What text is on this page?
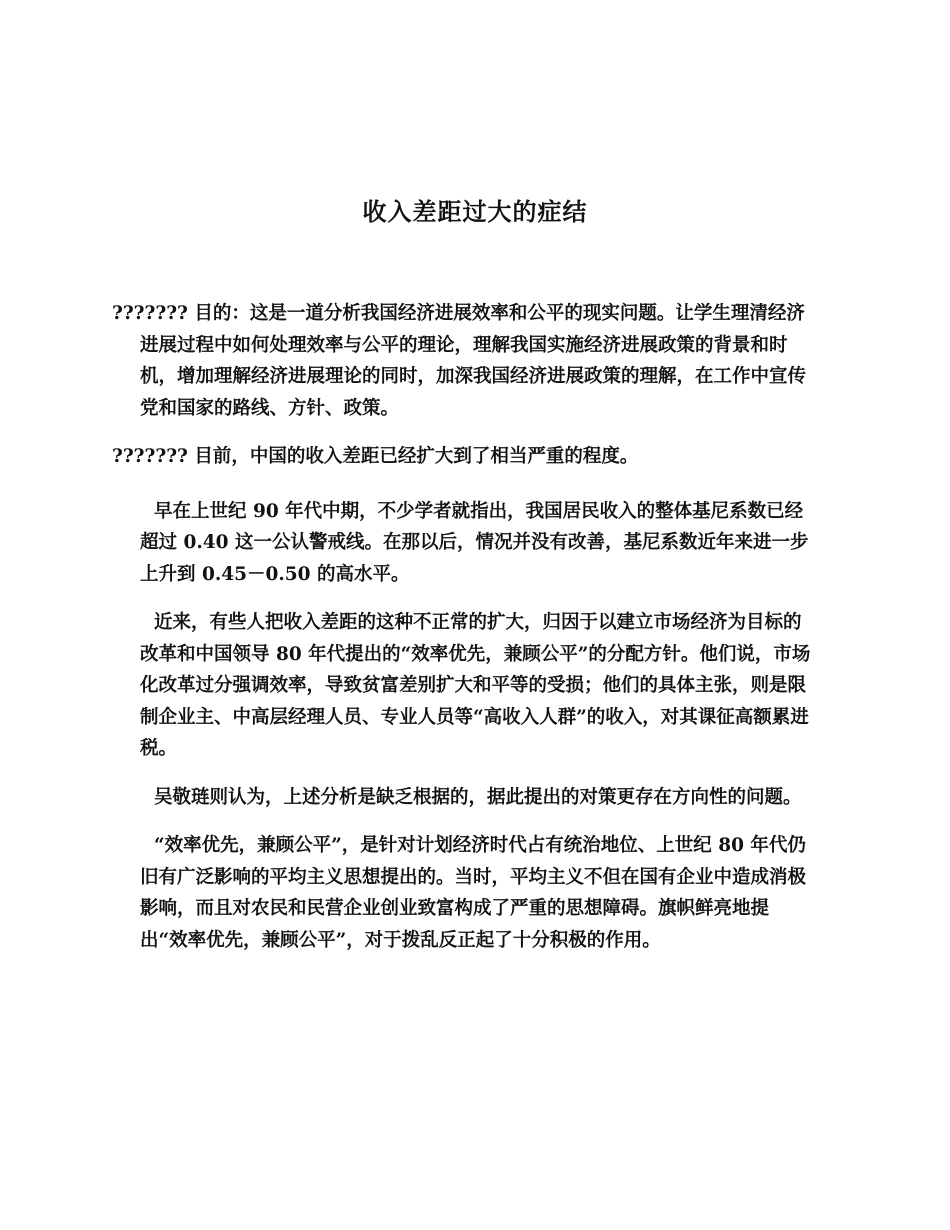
收入差距过大的症结

??????? 目的：这是一道分析我国经济进展效率和公平的现实问题。让学生理清经济进展过程中如何处理效率与公平的理论，理解我国实施经济进展政策的背景和时机，增加理解经济进展理论的同时，加深我国经济进展政策的理解，在工作中宣传党和国家的路线、方针、政策。

??????? 目前，中国的收入差距已经扩大到了相当严重的程度。

早在上世纪 90 年代中期，不少学者就指出，我国居民收入的整体基尼系数已经超过 0.40 这一公认警戒线。在那以后，情况并没有改善，基尼系数近年来进一步上升到 0.45－0.50 的高水平。

近来，有些人把收入差距的这种不正常的扩大，归因于以建立市场经济为目标的改革和中国领导 80 年代提出的“效率优先，兼顾公平”的分配方针。他们说，市场化改革过分强调效率，导致贫富差别扩大和平等的受损；他们的具体主张，则是限制企业主、中高层经理人员、专业人员等“高收入人群”的收入，对其课征高额累进税。

吴敬琏则认为，上述分析是缺乏根据的，据此提出的对策更存在方向性的问题。

“效率优先，兼顾公平”，是针对计划经济时代占有统治地位、上世纪 80 年代仍旧有广泛影响的平均主义思想提出的。当时，平均主义不但在国有企业中造成消极影响，而且对农民和民营企业创业致富构成了严重的思想障碍。旗帜鲜亮地提出“效率优先，兼顾公平”，对于拨乱反正起了十分积极的作用。
